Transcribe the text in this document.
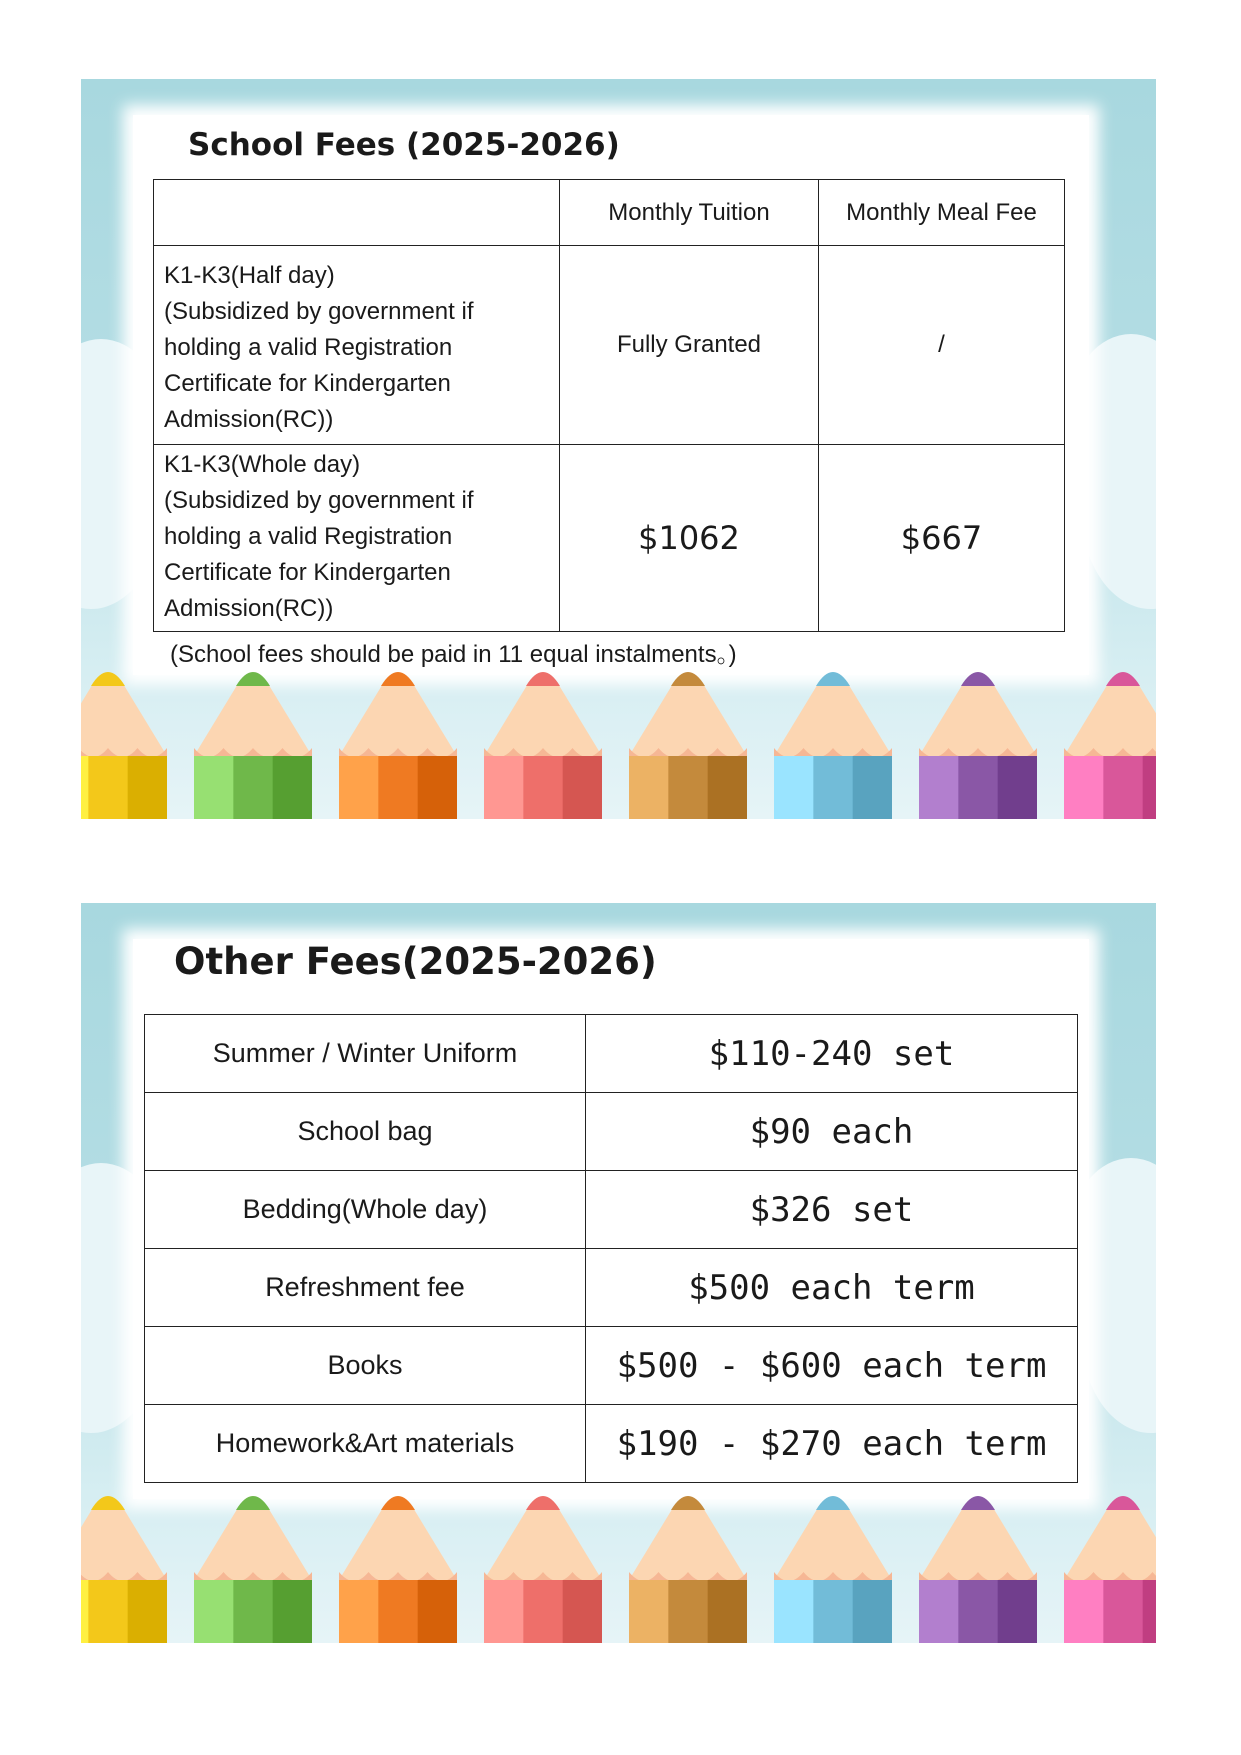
School Fees (2025-2026)
	Monthly Tuition	Monthly Meal Fee
K1-K3(Half day)
(Subsidized by government if holding a valid Registration Certificate for Kindergarten Admission(RC))	Fully Granted	/
K1-K3(Whole day)
(Subsidized by government if holding a valid Registration Certificate for Kindergarten Admission(RC))	$1062	$667

(School fees should be paid in 11 equal instalments。)

Other Fees(2025-2026)
Summer / Winter Uniform	$110-240 set
School bag	$90 each
Bedding(Whole day)	$326 set
Refreshment fee	$500 each term
Books	$500 - $600 each term
Homework&Art materials	$190 - $270 each term
